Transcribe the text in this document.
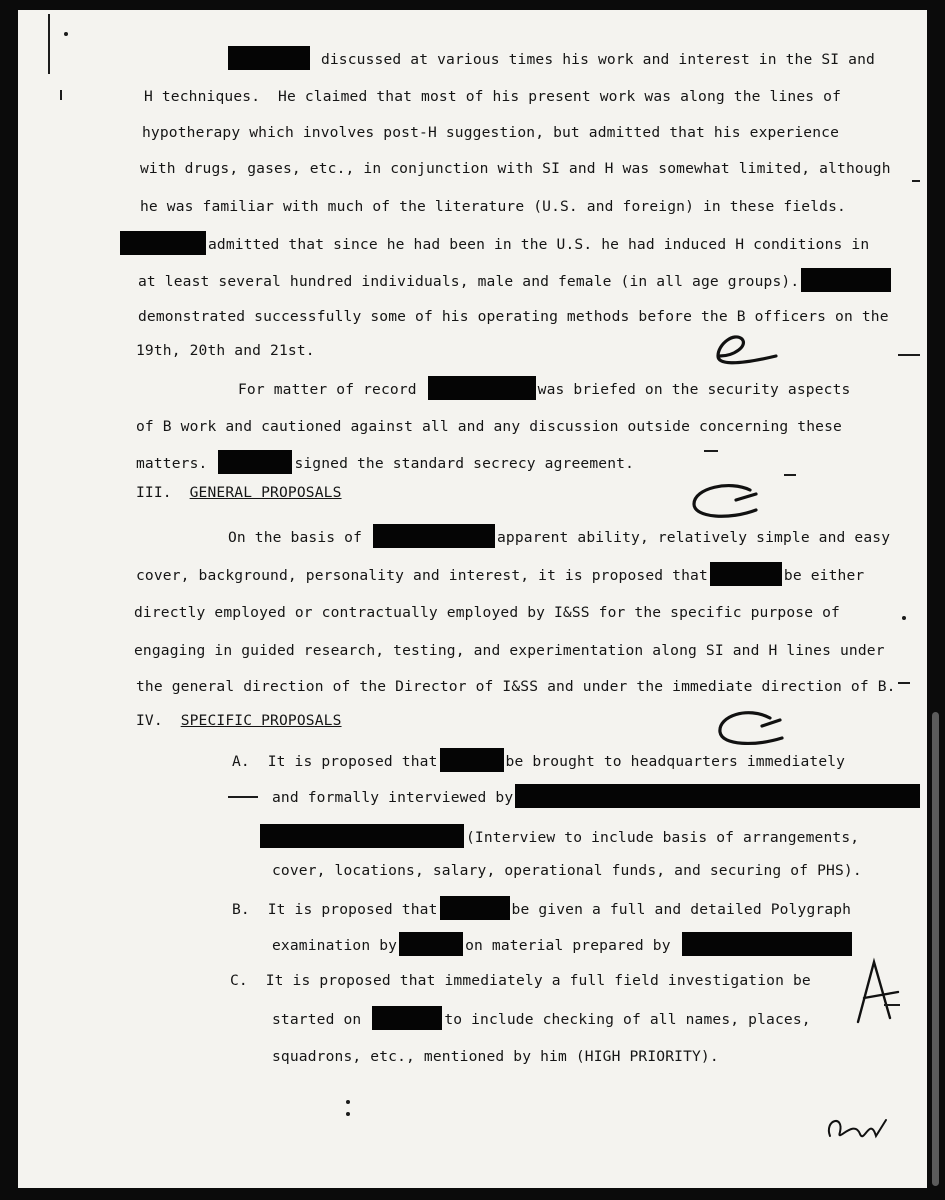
discussed at various times his work and interest in the SI and
H techniques.  He claimed that most of his present work was along the lines of
hypotherapy which involves post-H suggestion, but admitted that his experience
with drugs, gases, etc., in conjunction with SI and H was somewhat limited, although
he was familiar with much of the literature (U.S. and foreign) in these fields.
admitted that since he had been in the U.S. he had induced H conditions in
at least several hundred individuals, male and female (in all age groups).
demonstrated successfully some of his operating methods before the B officers on the
19th, 20th and 21st.
For matter of record	was briefed on the security aspects
of B work and cautioned against all and any discussion outside concerning these
matters.	signed the standard secrecy agreement.
III. GENERAL PROPOSALS
On the basis of	apparent ability, relatively simple and easy
cover, background, personality and interest, it is proposed that	be either
directly employed or contractually employed by I&SS for the specific purpose of
engaging in guided research, testing, and experimentation along SI and H lines under
the general direction of the Director of I&SS and under the immediate direction of B.
IV. SPECIFIC PROPOSALS
A. It is proposed that	be brought to headquarters immediately
and formally interviewed by
(Interview to include basis of arrangements,
cover, locations, salary, operational funds, and securing of PHS).
B. It is proposed that	be given a full and detailed Polygraph
examination by	on material prepared by
C. It is proposed that immediately a full field investigation be
started on	to include checking of all names, places,
squadrons, etc., mentioned by him (HIGH PRIORITY).
